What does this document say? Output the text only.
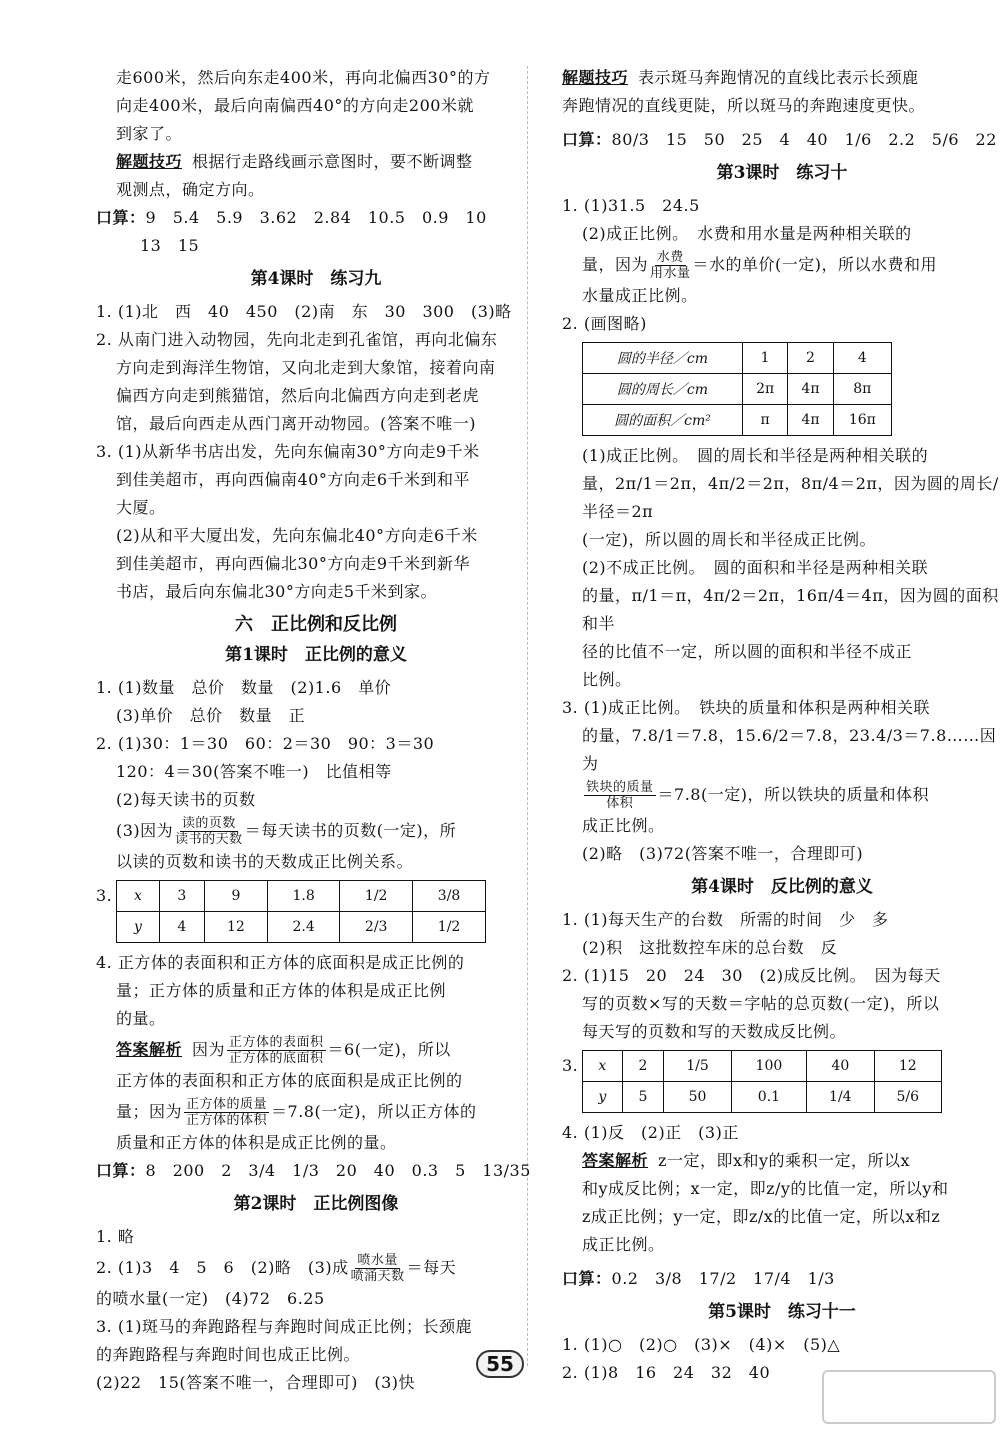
走600米，然后向东走400米，再向北偏西30°的方

向走400米，最后向南偏西40°的方向走200米就

到家了。

解题技巧 根据行走路线画示意图时，要不断调整

观测点，确定方向。

口算：9　5.4　5.9　3.62　2.84　10.5　0.9　10

13　15

第4课时　练习九

1. (1)北　西　40　450　(2)南　东　30　300　(3)略

2. 从南门进入动物园，先向北走到孔雀馆，再向北偏东

方向走到海洋生物馆，又向北走到大象馆，接着向南

偏西方向走到熊猫馆，然后向北偏西方向走到老虎

馆，最后向西走从西门离开动物园。(答案不唯一)

3. (1)从新华书店出发，先向东偏南30°方向走9千米

到佳美超市，再向西偏南40°方向走6千米到和平

大厦。

(2)从和平大厦出发，先向东偏北40°方向走6千米

到佳美超市，再向西偏北30°方向走9千米到新华

书店，最后向东偏北30°方向走5千米到家。

六　正比例和反比例
第1课时　正比例的意义

1. (1)数量　总价　数量　(2)1.6　单价

(3)单价　总价　数量　正

2. (1)30：1＝30　60：2＝30　90：3＝30

120：4＝30(答案不唯一)　比值相等

(2)每天读书的页数

(3)因为 $\frac{\text{读的页数}}{\text{读书的天数}}$ ＝每天读书的页数(一定)，所

以读的页数和读书的天数成正比例关系。

3.	x	3	9	1.8	1/2	3/8
y	4	12	2.4	2/3	1/2

4. 正方体的表面积和正方体的底面积是成正比例的

量；正方体的质量和正方体的体积是成正比例

的量。

答案解析 因为 $\frac{\text{正方体的表面积}}{\text{正方体的底面积}} =6$(一定)，所以

正方体的表面积和正方体的底面积是成正比例的

量；因为 $\frac{\text{正方体的质量}}{\text{正方体的体积}} =7.8$(一定)，所以正方体的

质量和正方体的体积是成正比例的量。

口算：8　200　2　3/4　1/3　20　40　0.3　5　13/35

第2课时　正比例图像

1. 略

2. (1)3　4　5　6　(2)略　(3)成 $\frac{\text{喷水量}}{\text{喷涌天数}}$ ＝每天

的喷水量(一定)　(4)72　6.25

3. (1)斑马的奔跑路程与奔跑时间成正比例；长颈鹿

的奔跑路程与奔跑时间也成正比例。

(2)22　15(答案不唯一，合理即可)　(3)快

解题技巧 表示斑马奔跑情况的直线比表示长颈鹿

奔跑情况的直线更陡，所以斑马的奔跑速度更快。

口算：80/3　15　50　25　4　40　1/6　2.2　5/6　22

第3课时　练习十

1. (1)31.5　24.5

(2)成正比例。　水费和用水量是两种相关联的

量，因为 $\frac{\text{水费}}{\text{用水量}}$ ＝水的单价(一定)，所以水费和用

水量成正比例。

2. (画图略)

圆的半径／cm	1	2	4
圆的周长／cm	2π	4π	8π
圆的面积／cm²	π	4π	16π

(1)成正比例。　圆的周长和半径是两种相关联的

量，2π/1＝2π，4π/2＝2π，8π/4＝2π，因为圆的周长/半径＝2π

(一定)，所以圆的周长和半径成正比例。

(2)不成正比例。　圆的面积和半径是两种相关联

的量，π/1＝π，4π/2＝2π，16π/4＝4π，因为圆的面积和半

径的比值不一定，所以圆的面积和半径不成正

比例。

3. (1)成正比例。　铁块的质量和体积是两种相关联

的量，7.8/1＝7.8，15.6/2＝7.8，23.4/3＝7.8……因为

$\frac{\text{铁块的质量}}{\text{体积}} =7.8$(一定)，所以铁块的质量和体积

成正比例。

(2)略　(3)72(答案不唯一，合理即可)

第4课时　反比例的意义

1. (1)每天生产的台数　所需的时间　少　多

(2)积　这批数控车床的总台数　反

2. (1)15　20　24　30　(2)成反比例。　因为每天

写的页数×写的天数＝字帖的总页数(一定)，所以

每天写的页数和写的天数成反比例。

3.	x	2	1/5	100	40	12
y	5	50	0.1	1/4	5/6

4. (1)反　(2)正　(3)正

答案解析 z一定，即x和y的乘积一定，所以x

和y成反比例；x一定，即z/y的比值一定，所以y和

z成正比例；y一定，即z/x的比值一定，所以x和z

成正比例。

口算：0.2　3/8　17/2　17/4　1/3

第5课时　练习十一

1. (1)○　(2)○　(3)×　(4)×　(5)△

2. (1)8　16　24　32　40

55
